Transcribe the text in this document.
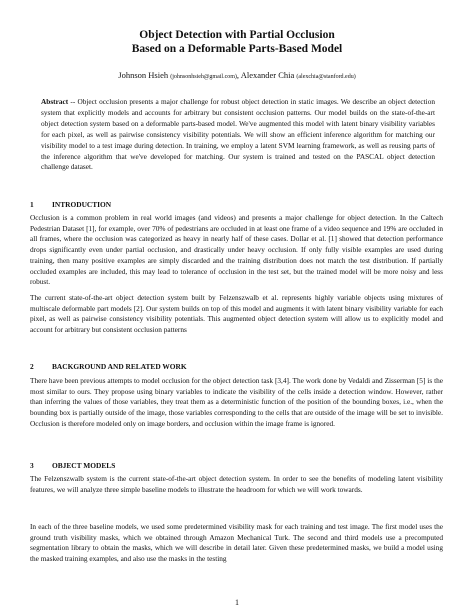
Object Detection with Partial Occlusion
Based on a Deformable Parts-Based Model
Johnson Hsieh (johnsonhsieh@gmail.com), Alexander Chia (alexchia@stanford.edu)
Abstract -- Object occlusion presents a major challenge for robust object detection in static images. We describe an object detection system that explicitly models and accounts for arbitrary but consistent occlusion patterns. Our model builds on the state-of-the-art object detection system based on a deformable parts-based model. We've augmented this model with latent binary visibility variables for each pixel, as well as pairwise consistency visibility potentials. We will show an efficient inference algorithm for matching our visibility model to a test image during detection. In training, we employ a latent SVM learning framework, as well as reusing parts of the inference algorithm that we've developed for matching. Our system is trained and tested on the PASCAL object detection challenge dataset.
1 INTRODUCTION
Occlusion is a common problem in real world images (and videos) and presents a major challenge for object detection. In the Caltech Pedestrian Dataset [1], for example, over 70% of pedestrians are occluded in at least one frame of a video sequence and 19% are occluded in all frames, where the occlusion was categorized as heavy in nearly half of these cases. Dollar et al. [1] showed that detection performance drops significantly even under partial occlusion, and drastically under heavy occlusion. If only fully visible examples are used during training, then many positive examples are simply discarded and the training distribution does not match the test distribution. If partially occluded examples are included, this may lead to tolerance of occlusion in the test set, but the trained model will be more noisy and less robust.
The current state-of-the-art object detection system built by Felzenszwalb et al. represents highly variable objects using mixtures of multiscale deformable part models [2]. Our system builds on top of this model and augments it with latent binary visibility variable for each pixel, as well as pairwise consistency visibility potentials. This augmented object detection system will allow us to explicitly model and account for arbitrary but consistent occlusion patterns
2 BACKGROUND AND RELATED WORK
There have been previous attempts to model occlusion for the object detection task [3,4]. The work done by Vedaldi and Zisserman [5] is the most similar to ours. They propose using binary variables to indicate the visibility of the cells inside a detection window. However, rather than inferring the values of those variables, they treat them as a deterministic function of the position of the bounding boxes, i.e., when the bounding box is partially outside of the image, those variables corresponding to the cells that are outside of the image will be set to invisible. Occlusion is therefore modeled only on image borders, and occlusion within the image frame is ignored.
3 OBJECT MODELS
The Felzenszwalb system is the current state-of-the-art object detection system. In order to see the benefits of modeling latent visibility features, we will analyze three simple baseline models to illustrate the headroom for which we will work towards.
In each of the three baseline models, we used some predetermined visibility mask for each training and test image. The first model uses the ground truth visibility masks, which we obtained through Amazon Mechanical Turk. The second and third models use a precomputed segmentation library to obtain the masks, which we will describe in detail later. Given these predetermined masks, we build a model using the masked training examples, and also use the masks in the testing
1
